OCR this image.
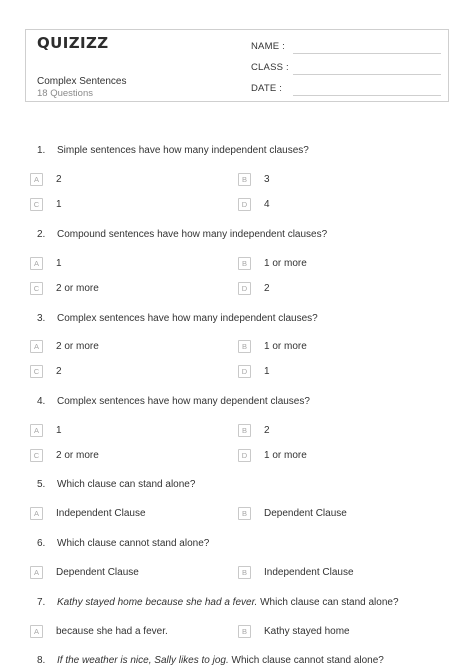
QUIZIZZ
Complex Sentences
18 Questions
NAME :
CLASS :
DATE :
1. Simple sentences have how many independent clauses?
A	2	B	3
C	1	D	4
2. Compound sentences have how many independent clauses?
A	1	B	1 or more
C	2 or more	D	2
3. Complex sentences have how many independent clauses?
A	2 or more	B	1 or more
C	2	D	1
4. Complex sentences have how many dependent clauses?
A	1	B	2
C	2 or more	D	1 or more
5. Which clause can stand alone?
A	Independent Clause	B	Dependent Clause
6. Which clause cannot stand alone?
A	Dependent Clause	B	Independent Clause
7. Kathy stayed home because she had a fever. Which clause can stand alone?
A	because she had a fever.	B	Kathy stayed home
8. If the weather is nice, Sally likes to jog. Which clause cannot stand alone?
